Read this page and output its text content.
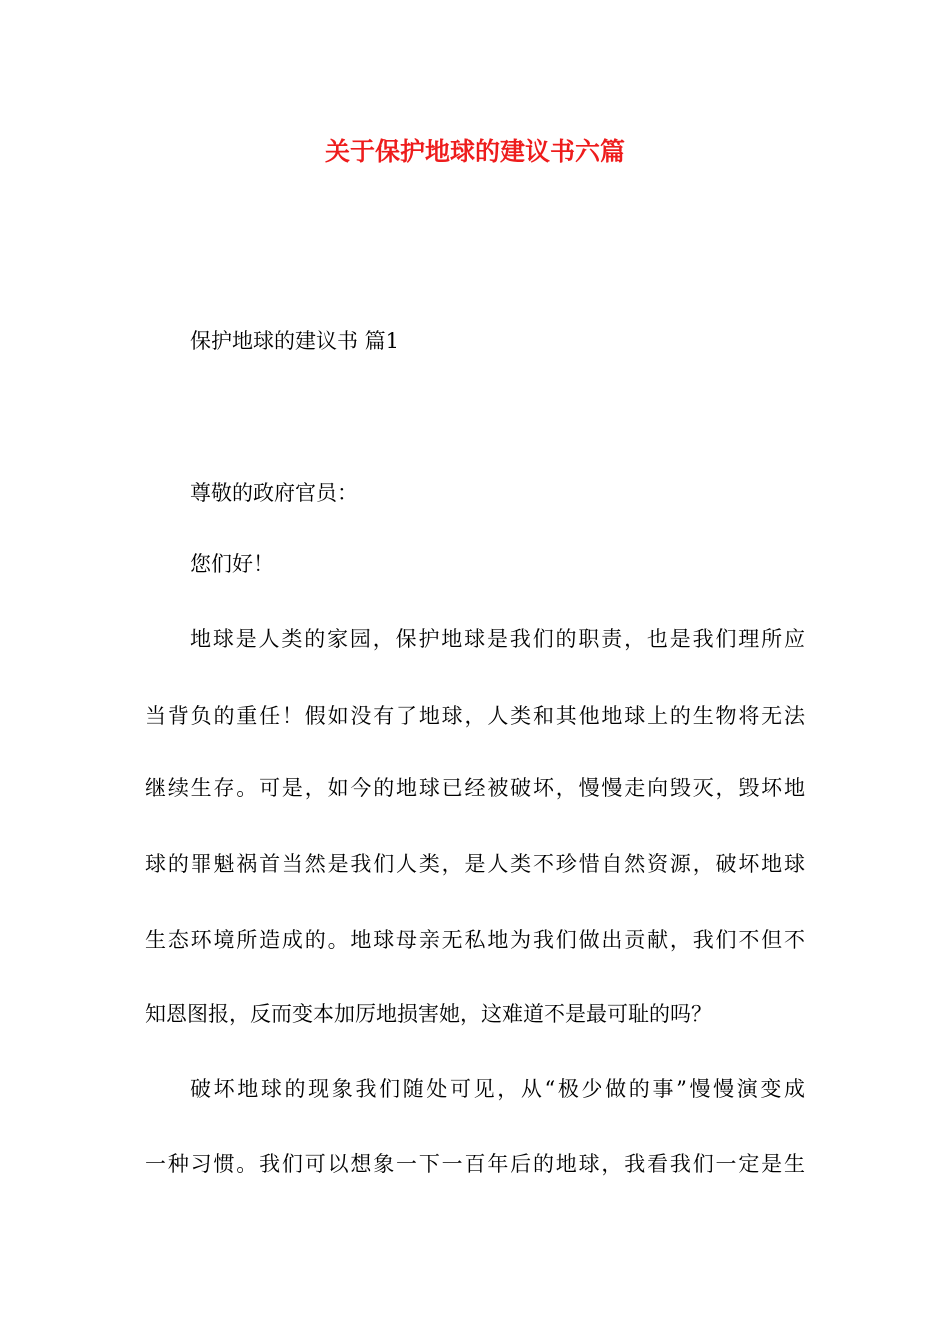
关于保护地球的建议书六篇
保护地球的建议书 篇1
尊敬的政府官员：
您们好！
地球是人类的家园，保护地球是我们的职责，也是我们理所应
当背负的重任！假如没有了地球，人类和其他地球上的生物将无法
继续生存。可是，如今的地球已经被破坏，慢慢走向毁灭，毁坏地
球的罪魁祸首当然是我们人类，是人类不珍惜自然资源，破坏地球
生态环境所造成的。地球母亲无私地为我们做出贡献，我们不但不
知恩图报，反而变本加厉地损害她，这难道不是最可耻的吗？
破坏地球的现象我们随处可见，从“极少做的事”慢慢演变成
一种习惯。我们可以想象一下一百年后的地球，我看我们一定是生
